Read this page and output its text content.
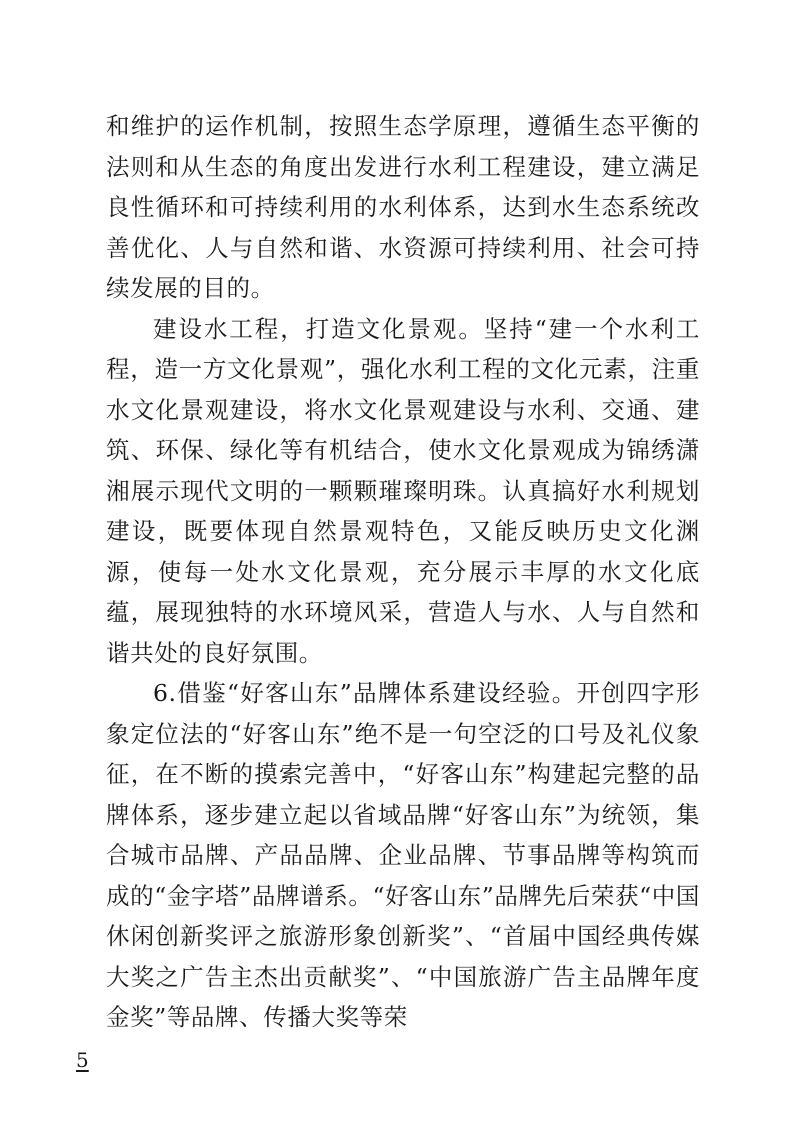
和维护的运作机制，按照生态学原理，遵循生态平衡的法则和从生态的角度出发进行水利工程建设，建立满足良性循环和可持续利用的水利体系，达到水生态系统改善优化、人与自然和谐、水资源可持续利用、社会可持续发展的目的。

建设水工程，打造文化景观。坚持“建一个水利工程，造一方文化景观”，强化水利工程的文化元素，注重水文化景观建设，将水文化景观建设与水利、交通、建筑、环保、绿化等有机结合，使水文化景观成为锦绣潇湘展示现代文明的一颗颗璀璨明珠。认真搞好水利规划建设，既要体现自然景观特色，又能反映历史文化渊源，使每一处水文化景观，充分展示丰厚的水文化底蕴，展现独特的水环境风采，营造人与水、人与自然和谐共处的良好氛围。

6.借鉴“好客山东”品牌体系建设经验。开创四字形象定位法的“好客山东”绝不是一句空泛的口号及礼仪象征，在不断的摸索完善中，“好客山东”构建起完整的品牌体系，逐步建立起以省域品牌“好客山东”为统领，集合城市品牌、产品品牌、企业品牌、节事品牌等构筑而成的“金字塔”品牌谱系。“好客山东”品牌先后荣获“中国休闲创新奖评之旅游形象创新奖”、“首届中国经典传媒大奖之广告主杰出贡献奖”、“中国旅游广告主品牌年度金奖”等品牌、传播大奖等荣

5
